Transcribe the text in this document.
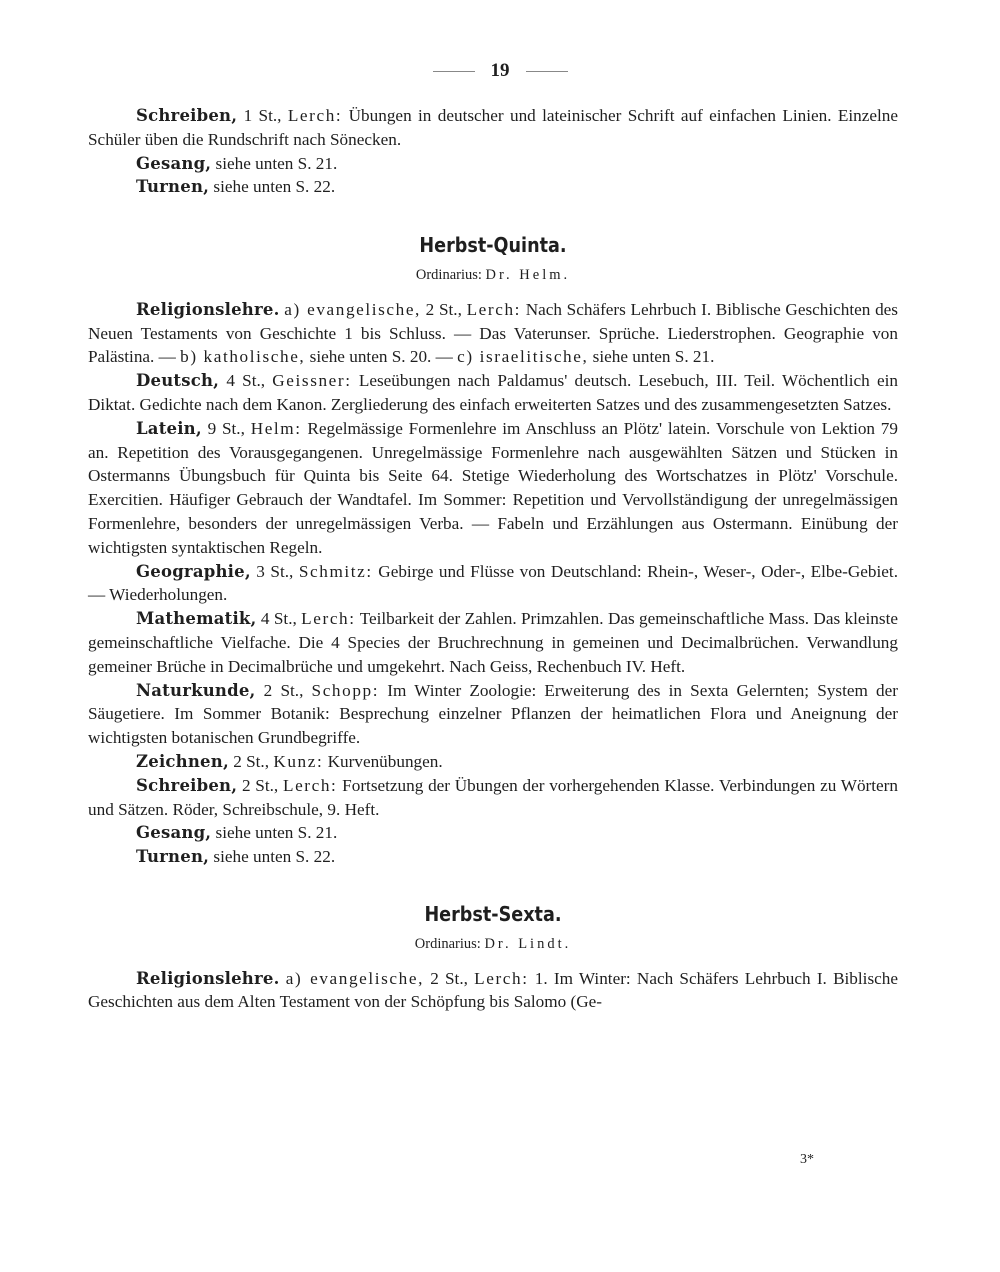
19

Schreiben, 1 St., Lerch: Übungen in deutscher und lateinischer Schrift auf einfachen Linien. Einzelne Schüler üben die Rundschrift nach Sönecken.

Gesang, siehe unten S. 21.

Turnen, siehe unten S. 22.

Herbst-Quinta.
Ordinarius: Dr. Helm.

Religionslehre. a) evangelische, 2 St., Lerch: Nach Schäfers Lehrbuch I. Biblische Geschichten des Neuen Testaments von Geschichte 1 bis Schluss. — Das Vaterunser. Sprüche. Liederstrophen. Geographie von Palästina. — b) katholische, siehe unten S. 20. — c) israelitische, siehe unten S. 21.

Deutsch, 4 St., Geissner: Leseübungen nach Paldamus' deutsch. Lesebuch, III. Teil. Wöchentlich ein Diktat. Gedichte nach dem Kanon. Zergliederung des einfach erweiterten Satzes und des zusammengesetzten Satzes.

Latein, 9 St., Helm: Regelmässige Formenlehre im Anschluss an Plötz' latein. Vorschule von Lektion 79 an. Repetition des Vorausgegangenen. Unregelmässige Formenlehre nach ausgewählten Sätzen und Stücken in Ostermanns Übungsbuch für Quinta bis Seite 64. Stetige Wiederholung des Wortschatzes in Plötz' Vorschule. Exercitien. Häufiger Gebrauch der Wandtafel. Im Sommer: Repetition und Vervollständigung der unregelmässigen Formenlehre, besonders der unregelmässigen Verba. — Fabeln und Erzählungen aus Ostermann. Einübung der wichtigsten syntaktischen Regeln.

Geographie, 3 St., Schmitz: Gebirge und Flüsse von Deutschland: Rhein-, Weser-, Oder-, Elbe-Gebiet. — Wiederholungen.

Mathematik, 4 St., Lerch: Teilbarkeit der Zahlen. Primzahlen. Das gemeinschaftliche Mass. Das kleinste gemeinschaftliche Vielfache. Die 4 Species der Bruchrechnung in gemeinen und Decimalbrüchen. Verwandlung gemeiner Brüche in Decimalbrüche und umgekehrt. Nach Geiss, Rechenbuch IV. Heft.

Naturkunde, 2 St., Schopp: Im Winter Zoologie: Erweiterung des in Sexta Gelernten; System der Säugetiere. Im Sommer Botanik: Besprechung einzelner Pflanzen der heimatlichen Flora und Aneignung der wichtigsten botanischen Grundbegriffe.

Zeichnen, 2 St., Kunz: Kurvenübungen.

Schreiben, 2 St., Lerch: Fortsetzung der Übungen der vorhergehenden Klasse. Verbindungen zu Wörtern und Sätzen. Röder, Schreibschule, 9. Heft.

Gesang, siehe unten S. 21.

Turnen, siehe unten S. 22.

Herbst-Sexta.
Ordinarius: Dr. Lindt.

Religionslehre. a) evangelische, 2 St., Lerch: 1. Im Winter: Nach Schäfers Lehrbuch I. Biblische Geschichten aus dem Alten Testament von der Schöpfung bis Salomo (Ge-

3*
